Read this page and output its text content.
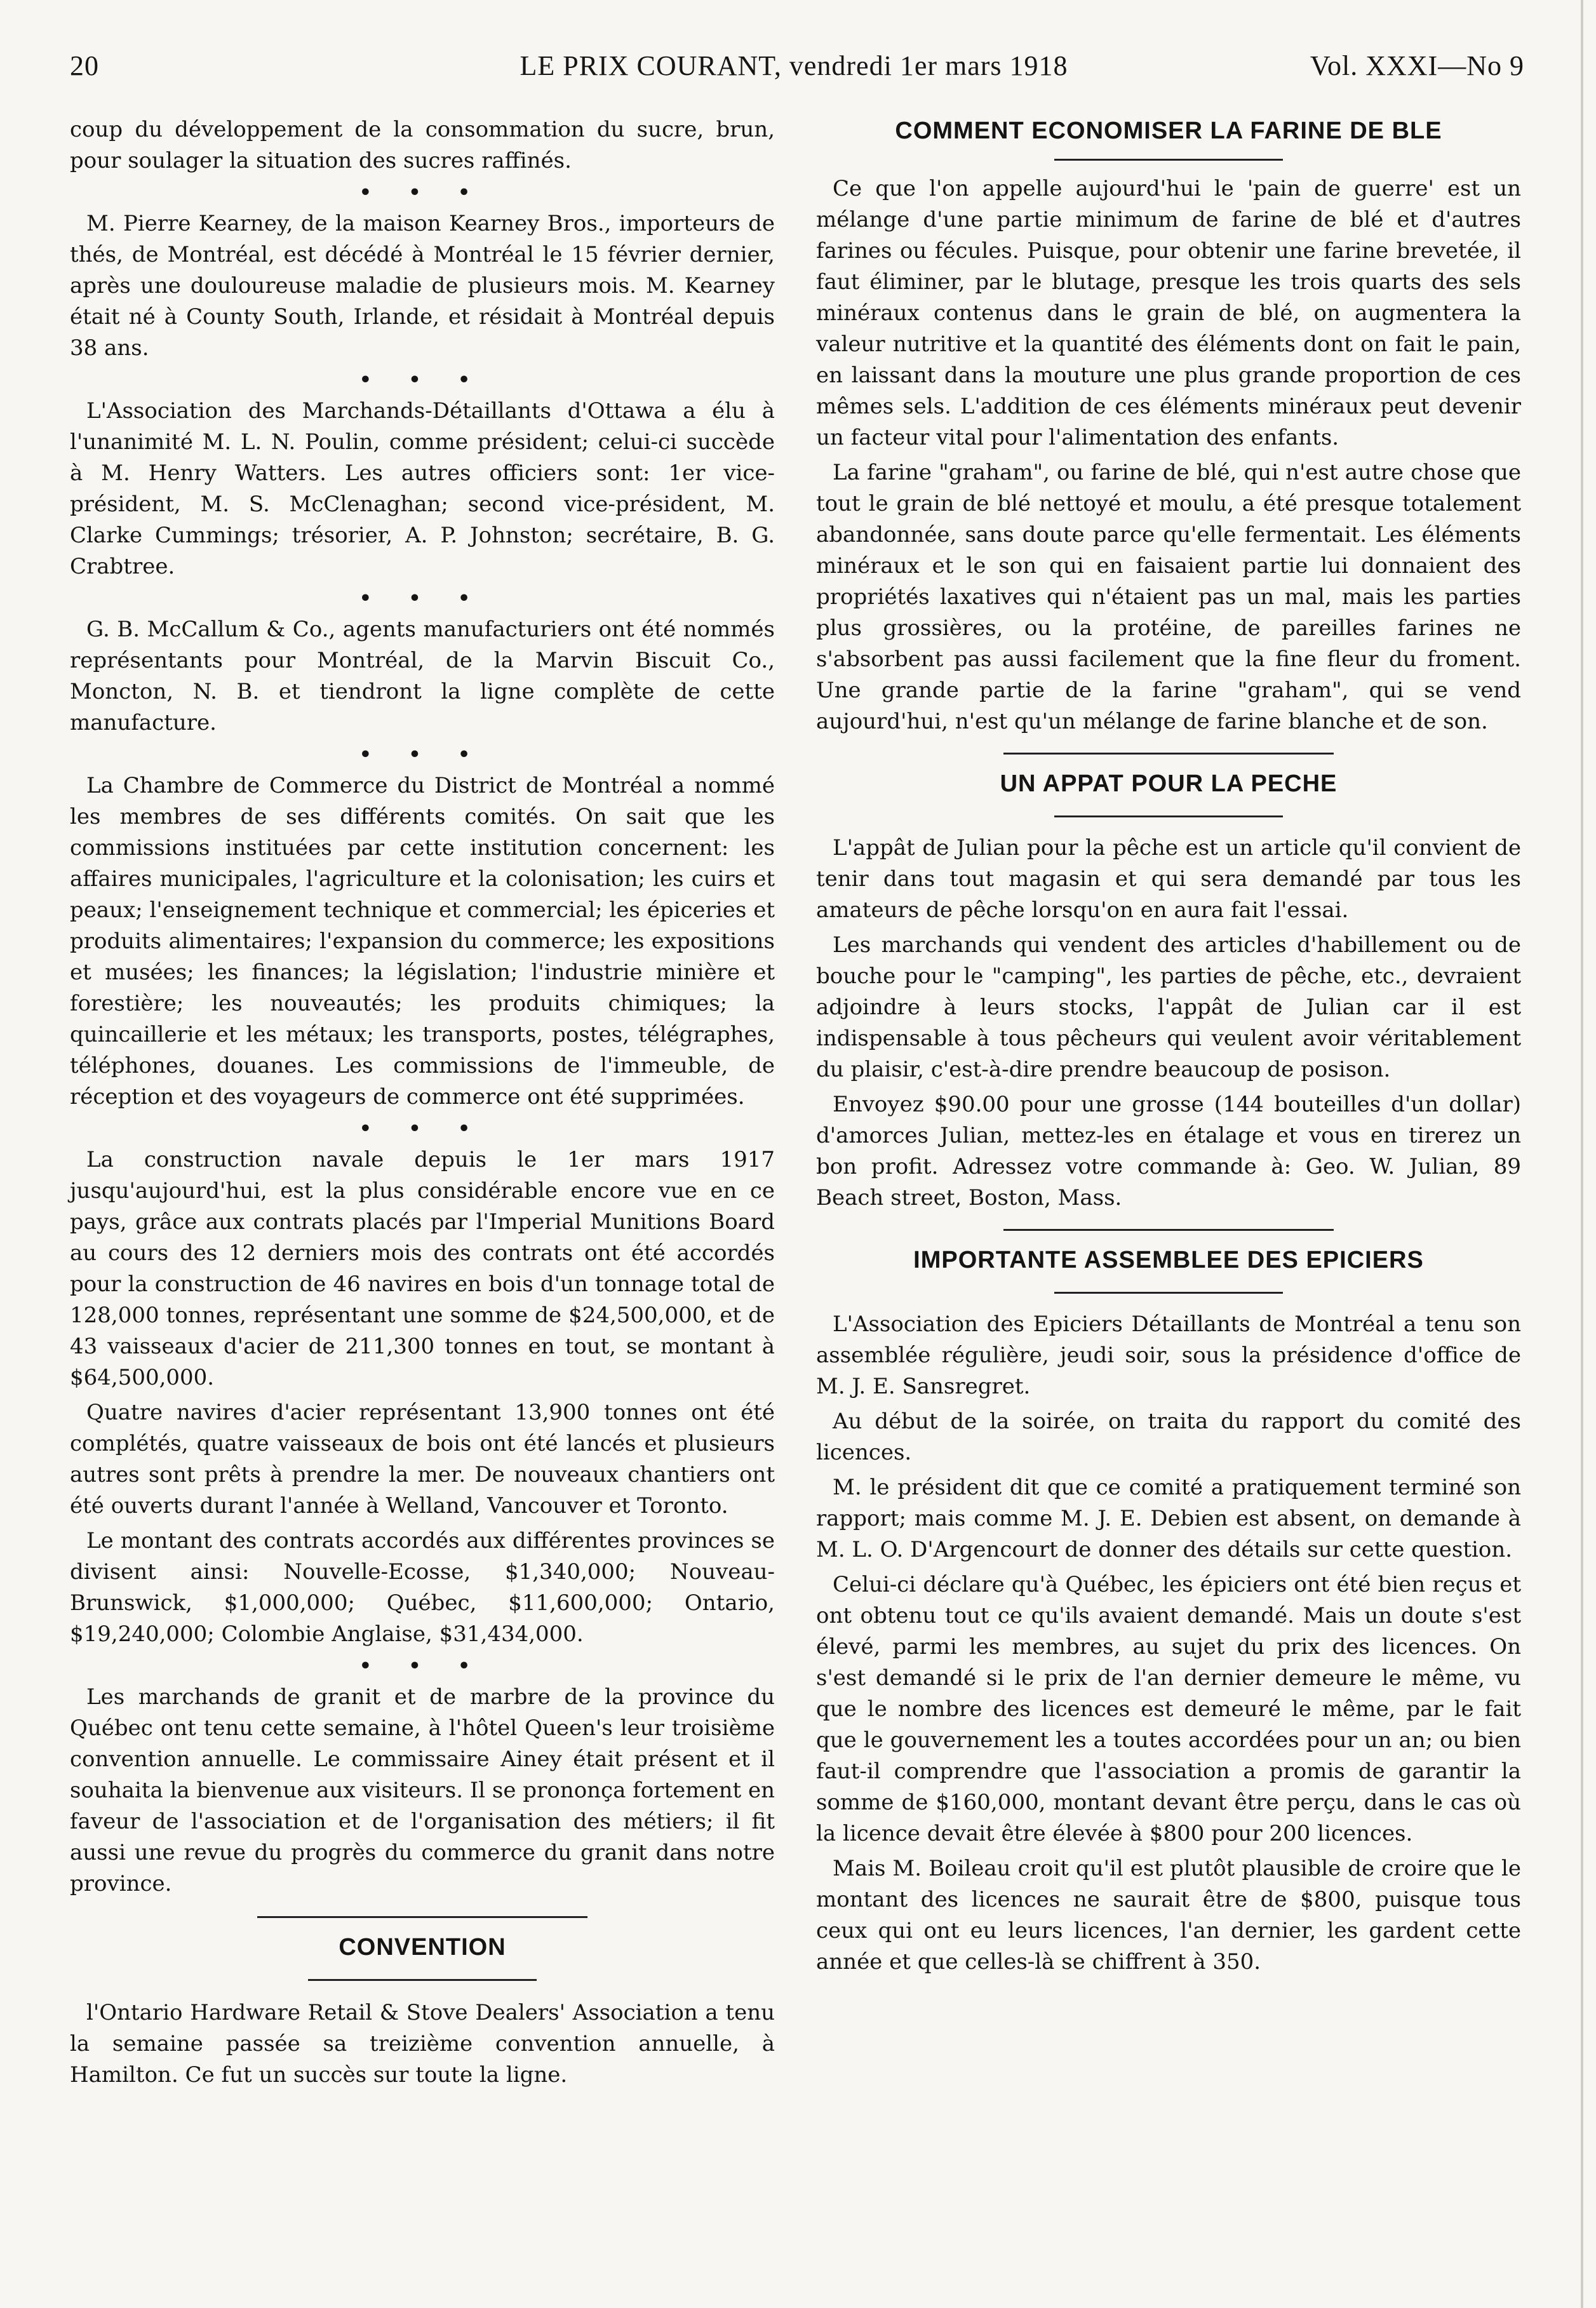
20	LE PRIX COURANT, vendredi 1er mars 1918	Vol. XXXI—No 9

coup du développement de la consommation du sucre, brun, pour soulager la situation des sucres raffinés.

• • •

M. Pierre Kearney, de la maison Kearney Bros., importeurs de thés, de Montréal, est décédé à Montréal le 15 février dernier, après une douloureuse maladie de plusieurs mois. M. Kearney était né à County South, Irlande, et résidait à Montréal depuis 38 ans.

• • •

L'Association des Marchands-Détaillants d'Ottawa a élu à l'unanimité M. L. N. Poulin, comme président; celui-ci succède à M. Henry Watters. Les autres officiers sont: 1er vice-président, M. S. McClenaghan; second vice-président, M. Clarke Cummings; trésorier, A. P. Johnston; secrétaire, B. G. Crabtree.

• • •

G. B. McCallum & Co., agents manufacturiers ont été nommés représentants pour Montréal, de la Marvin Biscuit Co., Moncton, N. B. et tiendront la ligne complète de cette manufacture.

• • •

La Chambre de Commerce du District de Montréal a nommé les membres de ses différents comités. On sait que les commissions instituées par cette institution concernent: les affaires municipales, l'agriculture et la colonisation; les cuirs et peaux; l'enseignement technique et commercial; les épiceries et produits alimentaires; l'expansion du commerce; les expositions et musées; les finances; la législation; l'industrie minière et forestière; les nouveautés; les produits chimiques; la quincaillerie et les métaux; les transports, postes, télégraphes, téléphones, douanes. Les commissions de l'immeuble, de réception et des voyageurs de commerce ont été supprimées.

• • •

La construction navale depuis le 1er mars 1917 jusqu'aujourd'hui, est la plus considérable encore vue en ce pays, grâce aux contrats placés par l'Imperial Munitions Board au cours des 12 derniers mois des contrats ont été accordés pour la construction de 46 navires en bois d'un tonnage total de 128,000 tonnes, représentant une somme de $24,500,000, et de 43 vaisseaux d'acier de 211,300 tonnes en tout, se montant à $64,500,000.

Quatre navires d'acier représentant 13,900 tonnes ont été complétés, quatre vaisseaux de bois ont été lancés et plusieurs autres sont prêts à prendre la mer. De nouveaux chantiers ont été ouverts durant l'année à Welland, Vancouver et Toronto.

Le montant des contrats accordés aux différentes provinces se divisent ainsi: Nouvelle-Ecosse, $1,340,000; Nouveau-Brunswick, $1,000,000; Québec, $11,600,000; Ontario, $19,240,000; Colombie Anglaise, $31,434,000.

• • •

Les marchands de granit et de marbre de la province du Québec ont tenu cette semaine, à l'hôtel Queen's leur troisième convention annuelle. Le commissaire Ainey était présent et il souhaita la bienvenue aux visiteurs. Il se prononça fortement en faveur de l'association et de l'organisation des métiers; il fit aussi une revue du progrès du commerce du granit dans notre province.

CONVENTION

l'Ontario Hardware Retail & Stove Dealers' Association a tenu la semaine passée sa treizième convention annuelle, à Hamilton. Ce fut un succès sur toute la ligne.

COMMENT ECONOMISER LA FARINE DE BLE

Ce que l'on appelle aujourd'hui le 'pain de guerre' est un mélange d'une partie minimum de farine de blé et d'autres farines ou fécules. Puisque, pour obtenir une farine brevetée, il faut éliminer, par le blutage, presque les trois quarts des sels minéraux contenus dans le grain de blé, on augmentera la valeur nutritive et la quantité des éléments dont on fait le pain, en laissant dans la mouture une plus grande proportion de ces mêmes sels. L'addition de ces éléments minéraux peut devenir un facteur vital pour l'alimentation des enfants.

La farine "graham", ou farine de blé, qui n'est autre chose que tout le grain de blé nettoyé et moulu, a été presque totalement abandonnée, sans doute parce qu'elle fermentait. Les éléments minéraux et le son qui en faisaient partie lui donnaient des propriétés laxatives qui n'étaient pas un mal, mais les parties plus grossières, ou la protéine, de pareilles farines ne s'absorbent pas aussi facilement que la fine fleur du froment. Une grande partie de la farine "graham", qui se vend aujourd'hui, n'est qu'un mélange de farine blanche et de son.

UN APPAT POUR LA PECHE

L'appât de Julian pour la pêche est un article qu'il convient de tenir dans tout magasin et qui sera demandé par tous les amateurs de pêche lorsqu'on en aura fait l'essai.

Les marchands qui vendent des articles d'habillement ou de bouche pour le "camping", les parties de pêche, etc., devraient adjoindre à leurs stocks, l'appât de Julian car il est indispensable à tous pêcheurs qui veulent avoir véritablement du plaisir, c'est-à-dire prendre beaucoup de posison.

Envoyez $90.00 pour une grosse (144 bouteilles d'un dollar) d'amorces Julian, mettez-les en étalage et vous en tirerez un bon profit. Adressez votre commande à: Geo. W. Julian, 89 Beach street, Boston, Mass.

IMPORTANTE ASSEMBLEE DES EPICIERS

L'Association des Epiciers Détaillants de Montréal a tenu son assemblée régulière, jeudi soir, sous la présidence d'office de M. J. E. Sansregret.

Au début de la soirée, on traita du rapport du comité des licences.

M. le président dit que ce comité a pratiquement terminé son rapport; mais comme M. J. E. Debien est absent, on demande à M. L. O. D'Argencourt de donner des détails sur cette question.

Celui-ci déclare qu'à Québec, les épiciers ont été bien reçus et ont obtenu tout ce qu'ils avaient demandé. Mais un doute s'est élevé, parmi les membres, au sujet du prix des licences. On s'est demandé si le prix de l'an dernier demeure le même, vu que le nombre des licences est demeuré le même, par le fait que le gouvernement les a toutes accordées pour un an; ou bien faut-il comprendre que l'association a promis de garantir la somme de $160,000, montant devant être perçu, dans le cas où la licence devait être élevée à $800 pour 200 licences.

Mais M. Boileau croit qu'il est plutôt plausible de croire que le montant des licences ne saurait être de $800, puisque tous ceux qui ont eu leurs licences, l'an dernier, les gardent cette année et que celles-là se chiffrent à 350.
